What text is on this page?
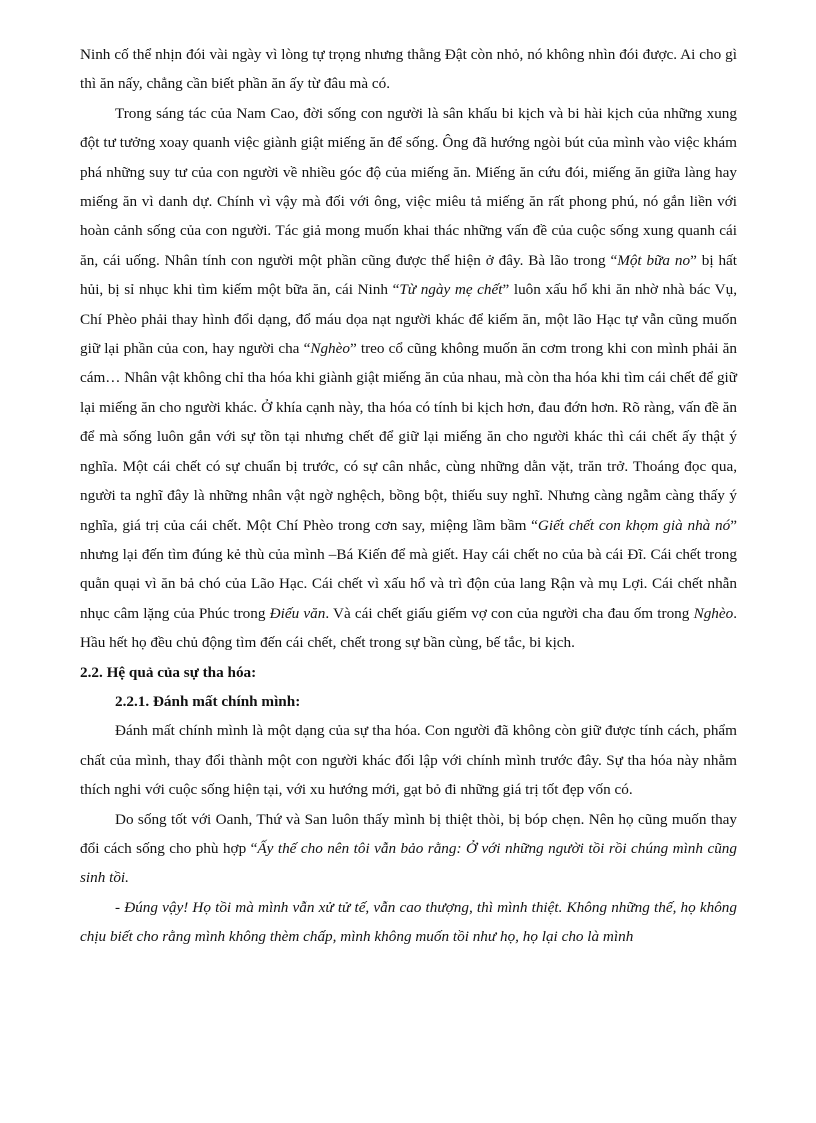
Ninh cố thể nhịn đói vài ngày vì lòng tự trọng nhưng thằng Đật còn nhỏ, nó không nhìn đói được. Ai cho gì thì ăn nấy, chẳng cần biết phần ăn ấy từ đâu mà có.

Trong sáng tác của Nam Cao, đời sống con người là sân khấu bi kịch và bi hài kịch của những xung đột tư tưởng xoay quanh việc giành giật miếng ăn để sống. Ông đã hướng ngòi bút của mình vào việc khám phá những suy tư của con người về nhiều góc độ của miếng ăn. Miếng ăn cứu đói, miếng ăn giữa làng hay miếng ăn vì danh dự. Chính vì vậy mà đối với ông, việc miêu tả miếng ăn rất phong phú, nó gắn liền với hoàn cảnh sống của con người. Tác giả mong muốn khai thác những vấn đề của cuộc sống xung quanh cái ăn, cái uống. Nhân tính con người một phần cũng được thể hiện ở đây. Bà lão trong “Một bữa no” bị hất hủi, bị sỉ nhục khi tìm kiếm một bữa ăn, cái Ninh “Từ ngày mẹ chết” luôn xấu hổ khi ăn nhờ nhà bác Vụ, Chí Phèo phải thay hình đổi dạng, đổ máu dọa nạt người khác để kiếm ăn, một lão Hạc tự vẫn cũng muốn giữ lại phần của con, hay người cha “Nghèo” treo cổ cũng không muốn ăn cơm trong khi con mình phải ăn cám… Nhân vật không chỉ tha hóa khi giành giật miếng ăn của nhau, mà còn tha hóa khi tìm cái chết để giữ lại miếng ăn cho người khác. Ở khía cạnh này, tha hóa có tính bi kịch hơn, đau đớn hơn. Rõ ràng, vấn đề ăn để mà sống luôn gắn với sự tồn tại nhưng chết để giữ lại miếng ăn cho người khác thì cái chết ấy thật ý nghĩa. Một cái chết có sự chuẩn bị trước, có sự cân nhắc, cùng những dằn vặt, trăn trở. Thoáng đọc qua, người ta nghĩ đây là những nhân vật ngờ nghệch, bồng bột, thiếu suy nghĩ. Nhưng càng ngẫm càng thấy ý nghĩa, giá trị của cái chết. Một Chí Phèo trong cơn say, miệng lầm bầm “Giết chết con khọm già nhà nó” nhưng lại đến tìm đúng kẻ thù của mình –Bá Kiến để mà giết. Hay cái chết no của bà cái Đĩ. Cái chết trong quằn quại vì ăn bả chó của Lão Hạc. Cái chết vì xấu hổ và trì độn của lang Rận và mụ Lợi. Cái chết nhẫn nhục câm lặng của Phúc trong Điếu văn. Và cái chết giấu giếm vợ con của người cha đau ốm trong Nghèo. Hầu hết họ đều chủ động tìm đến cái chết, chết trong sự bần cùng, bế tắc, bi kịch.

2.2. Hệ quả của sự tha hóa:

2.2.1. Đánh mất chính mình:

Đánh mất chính mình là một dạng của sự tha hóa. Con người đã không còn giữ được tính cách, phẩm chất của mình, thay đổi thành một con người khác đối lập với chính mình trước đây. Sự tha hóa này nhằm thích nghi với cuộc sống hiện tại, với xu hướng mới, gạt bỏ đi những giá trị tốt đẹp vốn có.

Do sống tốt với Oanh, Thứ và San luôn thấy mình bị thiệt thòi, bị bóp chẹn. Nên họ cũng muốn thay đổi cách sống cho phù hợp “Ấy thế cho nên tôi vẫn bảo rằng: Ở với những người tồi rồi chúng mình cũng sinh tồi.

- Đúng vậy! Họ tồi mà mình vẫn xử tử tế, vẫn cao thượng, thì mình thiệt. Không những thế, họ không chịu biết cho rằng mình không thèm chấp, mình không muốn tồi như họ, họ lại cho là mình
